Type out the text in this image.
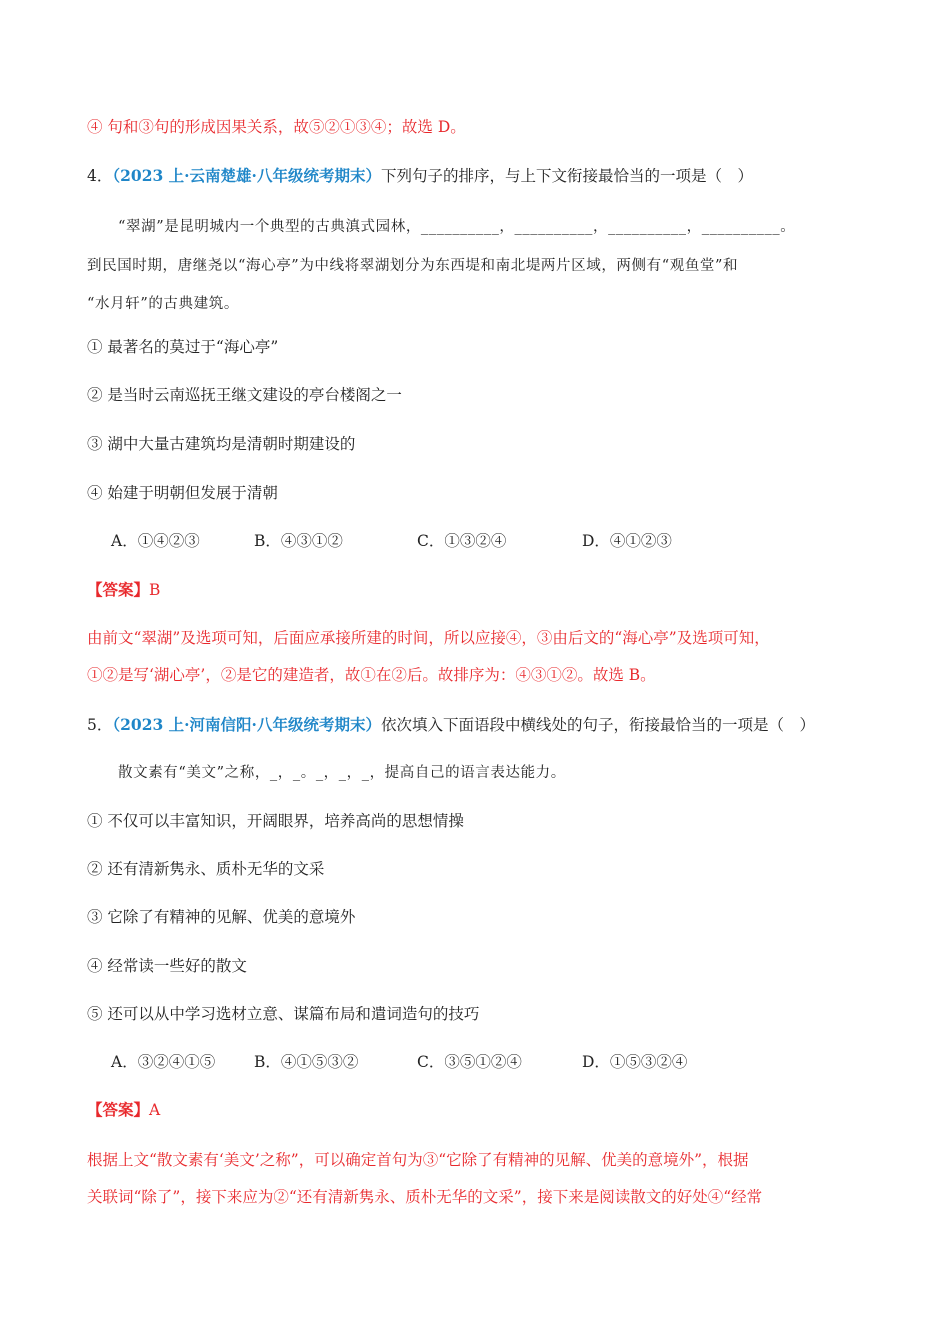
④ 句和③句的形成因果关系，故⑤②①③④；故选 D。
4．（2023 上·云南楚雄·八年级统考期末）下列句子的排序，与上下文衔接最恰当的一项是（　）
“翠湖”是昆明城内一个典型的古典滇式园林，__________，__________，__________，__________。
到民国时期，唐继尧以“海心亭”为中线将翠湖划分为东西堤和南北堤两片区域，两侧有“观鱼堂”和
“水月轩”的古典建筑。
① 最著名的莫过于“海心亭”
② 是当时云南巡抚王继文建设的亭台楼阁之一
③ 湖中大量古建筑均是清朝时期建设的
④ 始建于明朝但发展于清朝
A．①④②③	B．④③①②	C．①③②④	D．④①②③
【答案】B
由前文“翠湖”及选项可知，后面应承接所建的时间，所以应接④，③由后文的“海心亭”及选项可知，
①②是写‘湖心亭’，②是它的建造者，故①在②后。故排序为：④③①②。故选 B。
5．（2023 上·河南信阳·八年级统考期末）依次填入下面语段中横线处的句子，衔接最恰当的一项是（　）
散文素有“美文”之称，_，_。_，_，_，提高自己的语言表达能力。
① 不仅可以丰富知识，开阔眼界，培养高尚的思想情操
② 还有清新隽永、质朴无华的文采
③ 它除了有精神的见解、优美的意境外
④ 经常读一些好的散文
⑤ 还可以从中学习选材立意、谋篇布局和遣词造句的技巧
A．③②④①⑤	B．④①⑤③②	C．③⑤①②④	D．①⑤③②④
【答案】A
根据上文“散文素有‘美文’之称”，可以确定首句为③“它除了有精神的见解、优美的意境外”，根据
关联词“除了”，接下来应为②“还有清新隽永、质朴无华的文采”，接下来是阅读散文的好处④“经常
